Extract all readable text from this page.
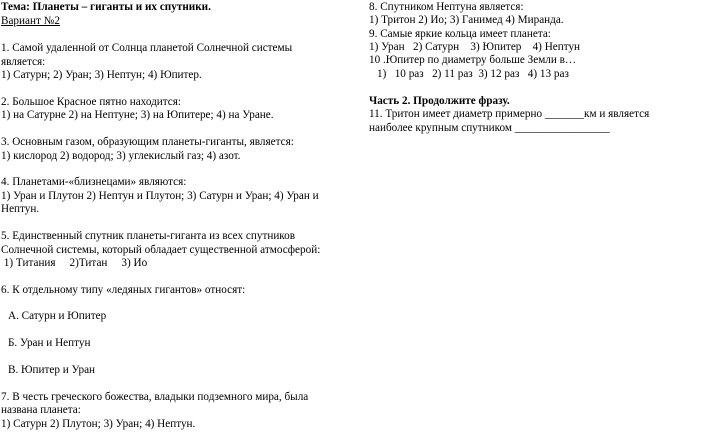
Тема: Планеты – гиганты и их спутники.
Вариант №2
1. Самой удаленной от Солнца планетой Солнечной системы
является:
1) Сатурн; 2) Уран; 3) Нептун; 4) Юпитер.
2. Большое Красное пятно находится:
1) на Сатурне 2) на Нептуне; 3) на Юпитере; 4) на Уране.
3. Основным газом, образующим планеты-гиганты, является:
1) кислород 2) водород; 3) углекислый газ; 4) азот.
4. Планетами-«близнецами» являются:
1) Уран и Плутон 2) Нептун и Плутон; 3) Сатурн и Уран; 4) Уран и
Нептун.
5. Единственный спутник планеты-гиганта из всех спутников
Солнечной системы, который обладает существенной атмосферой:
1) Титания     2)Титан     3) Ио
6. К отдельному типу «ледяных гигантов» относят:
А. Сатурн и Юпитер
Б. Уран и Нептун
В. Юпитер и Уран
7. В честь греческого божества, владыки подземного мира, была
названа планета:
1) Сатурн 2) Плутон; 3) Уран; 4) Нептун.
8. Спутником Нептуна является:
1) Тритон 2) Ио; 3) Ганимед 4) Миранда.
9. Самые яркие кольца имеет планета:
1) Уран   2) Сатурн    3) Юпитер    4) Нептун
10 .Юпитер по диаметру больше Земли в…
1)   10 раз   2) 11 раз  3) 12 раз   4) 13 раз
Часть 2. Продолжите фразу.
11. Тритон имеет диаметр примерно _______км и является
наиболее крупным спутником _________________
